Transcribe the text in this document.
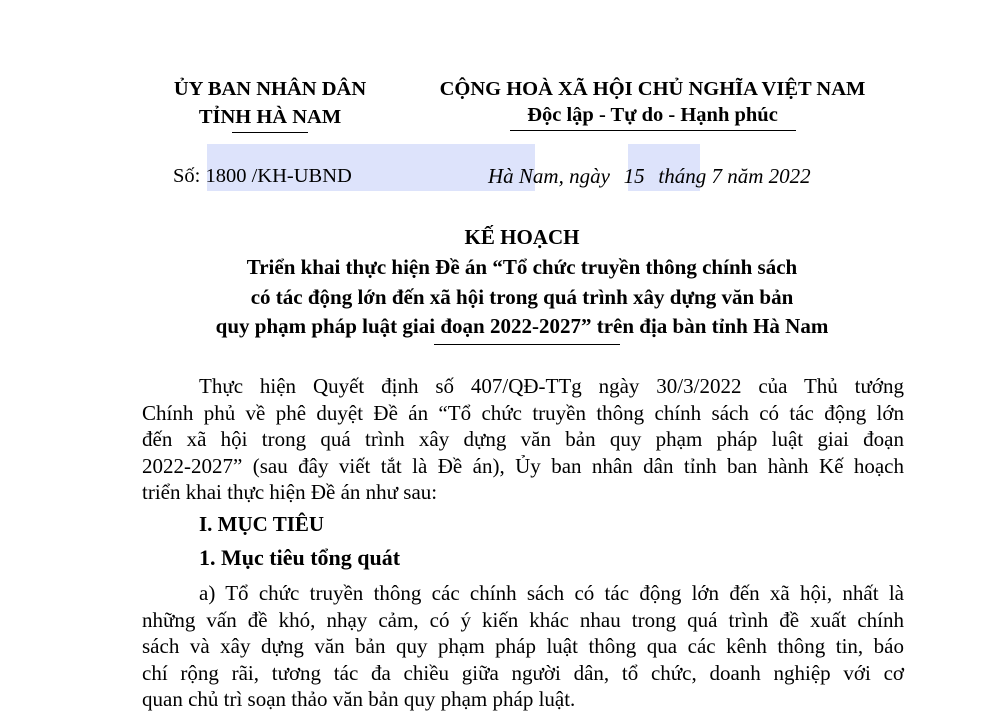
ỦY BAN NHÂN DÂN
TỈNH HÀ NAM
CỘNG HOÀ XÃ HỘI CHỦ NGHĨA VIỆT NAM
Độc lập - Tự do - Hạnh phúc
Số: 1800 /KH-UBND	Hà Nam, ngày 15 tháng 7 năm 2022
KẾ HOẠCH
Triển khai thực hiện Đề án “Tổ chức truyền thông chính sách
có tác động lớn đến xã hội trong quá trình xây dựng văn bản
quy phạm pháp luật giai đoạn 2022-2027” trên địa bàn tỉnh Hà Nam
Thực hiện Quyết định số 407/QĐ-TTg ngày 30/3/2022 của Thủ tướng
Chính phủ về phê duyệt Đề án “Tổ chức truyền thông chính sách có tác động lớn
đến xã hội trong quá trình xây dựng văn bản quy phạm pháp luật giai đoạn
2022-2027” (sau đây viết tắt là Đề án), Ủy ban nhân dân tỉnh ban hành Kế hoạch
triển khai thực hiện Đề án như sau:
I. MỤC TIÊU
1. Mục tiêu tổng quát
a) Tổ chức truyền thông các chính sách có tác động lớn đến xã hội, nhất là
những vấn đề khó, nhạy cảm, có ý kiến khác nhau trong quá trình đề xuất chính
sách và xây dựng văn bản quy phạm pháp luật thông qua các kênh thông tin, báo
chí rộng rãi, tương tác đa chiều giữa người dân, tổ chức, doanh nghiệp với cơ
quan chủ trì soạn thảo văn bản quy phạm pháp luật.
